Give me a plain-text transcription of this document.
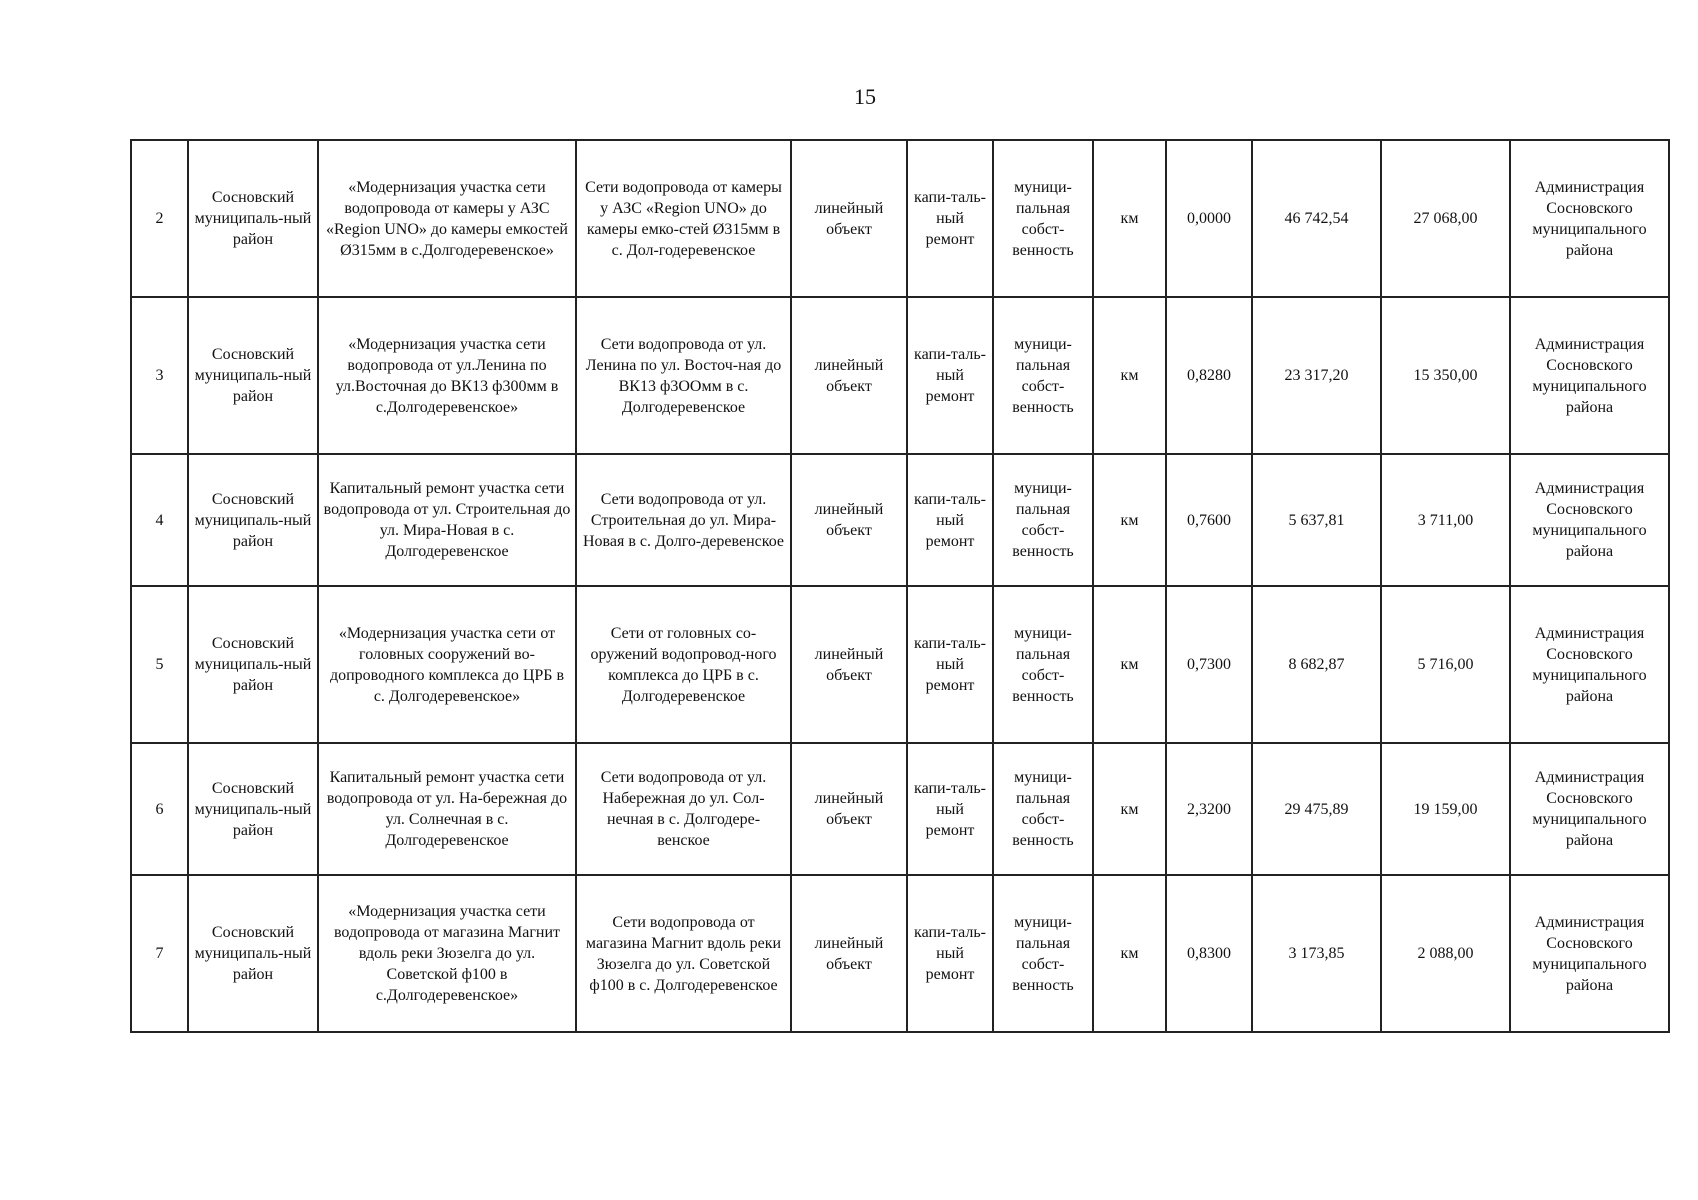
15
2	Сосновский муниципаль-ный район	«Модернизация участка сети водопровода от камеры у АЗС «Region UNO» до камеры емкостей Ø315мм в с.Долгодеревенское»	Сети водопровода от камеры у АЗС «Region UNO» до камеры емко-стей Ø315мм в с. Дол-годеревенское	линейный объект	капи-таль-ный ремонт	муници-пальная собст-венность	км	0,0000	46 742,54	27 068,00	Администрация Сосновского муниципального района
3	Сосновский муниципаль-ный район	«Модернизация участка сети водопровода от ул.Ленина по ул.Восточная до ВК13 ф300мм в с.Долгодеревенское»	Сети водопровода от ул. Ленина по ул. Восточ-ная до ВК13 ф3ООмм в с. Долгодеревенское	линейный объект	капи-таль-ный ремонт	муници-пальная собст-венность	км	0,8280	23 317,20	15 350,00	Администрация Сосновского муниципального района
4	Сосновский муниципаль-ный район	Капитальный ремонт участка сети водопровода от ул. Строительная до ул. Мира-Новая в с. Долгодеревенское	Сети водопровода от ул. Строительная до ул. Мира-Новая в с. Долго-деревенское	линейный объект	капи-таль-ный ремонт	муници-пальная собст-венность	км	0,7600	5 637,81	3 711,00	Администрация Сосновского муниципального района
5	Сосновский муниципаль-ный район	«Модернизация участка сети от головных сооружений во-допроводного комплекса до ЦРБ в с. Долгодеревенское»	Сети от головных со-оружений водопровод-ного комплекса до ЦРБ в с. Долгодеревенское	линейный объект	капи-таль-ный ремонт	муници-пальная собст-венность	км	0,7300	8 682,87	5 716,00	Администрация Сосновского муниципального района
6	Сосновский муниципаль-ный район	Капитальный ремонт участка сети водопровода от ул. На-бережная до ул. Солнечная в с. Долгодеревенское	Сети водопровода от ул. Набережная до ул. Сол-нечная в с. Долгодере-венское	линейный объект	капи-таль-ный ремонт	муници-пальная собст-венность	км	2,3200	29 475,89	19 159,00	Администрация Сосновского муниципального района
7	Сосновский муниципаль-ный район	«Модернизация участка сети водопровода от магазина Магнит вдоль реки Зюзелга до ул. Советской ф100 в с.Долгодеревенское»	Сети водопровода от магазина Магнит вдоль реки Зюзелга до ул. Советской ф100 в с. Долгодеревенское	линейный объект	капи-таль-ный ремонт	муници-пальная собст-венность	км	0,8300	3 173,85	2 088,00	Администрация Сосновского муниципального района
